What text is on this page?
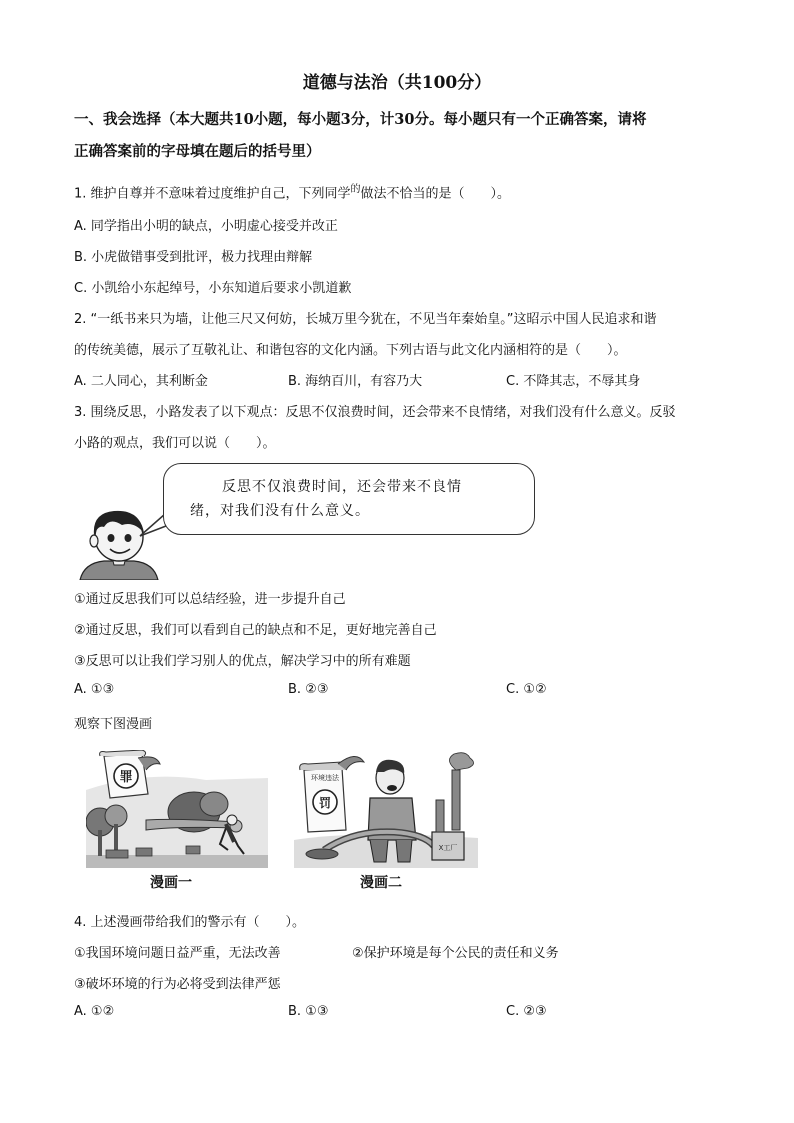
道德与法治（共100分）
一、我会选择（本大题共10小题，每小题3分，计30分。每小题只有一个正确答案，请将
正确答案前的字母填在题后的括号里）
1. 维护自尊并不意味着过度维护自己，下列同学$^的$做法不恰当的是（　　）。
A. 同学指出小明的缺点，小明虚心接受并改正
B. 小虎做错事受到批评，极力找理由辩解
C. 小凯给小东起绰号，小东知道后要求小凯道歉
2. “一纸书来只为墙，让他三尺又何妨，长城万里今犹在，不见当年秦始皇。”这昭示中国人民追求和谐
的传统美德，展示了互敬礼让、和谐包容的文化内涵。下列古语与此文化内涵相符的是（　　）。
A. 二人同心，其利断金	B. 海纳百川，有容乃大	C. 不降其志，不辱其身
3. 围绕反思，小路发表了以下观点：反思不仅浪费时间，还会带来不良情绪，对我们没有什么意义。反驳
小路的观点，我们可以说（　　）。
反思不仅浪费时间，还会带来不良情
绪，对我们没有什么意义。
①通过反思我们可以总结经验，进一步提升自己
②通过反思，我们可以看到自己的缺点和不足，更好地完善自己
③反思可以让我们学习别人的优点，解决学习中的所有难题
A. ①③	B. ②③	C. ①②
观察下图漫画
罪
漫画一
环境违法
罚
X工厂
漫画二
4. 上述漫画带给我们的警示有（　　）。
①我国环境问题日益严重，无法改善	②保护环境是每个公民的责任和义务
③破坏环境的行为必将受到法律严惩
A. ①②	B. ①③	C. ②③
